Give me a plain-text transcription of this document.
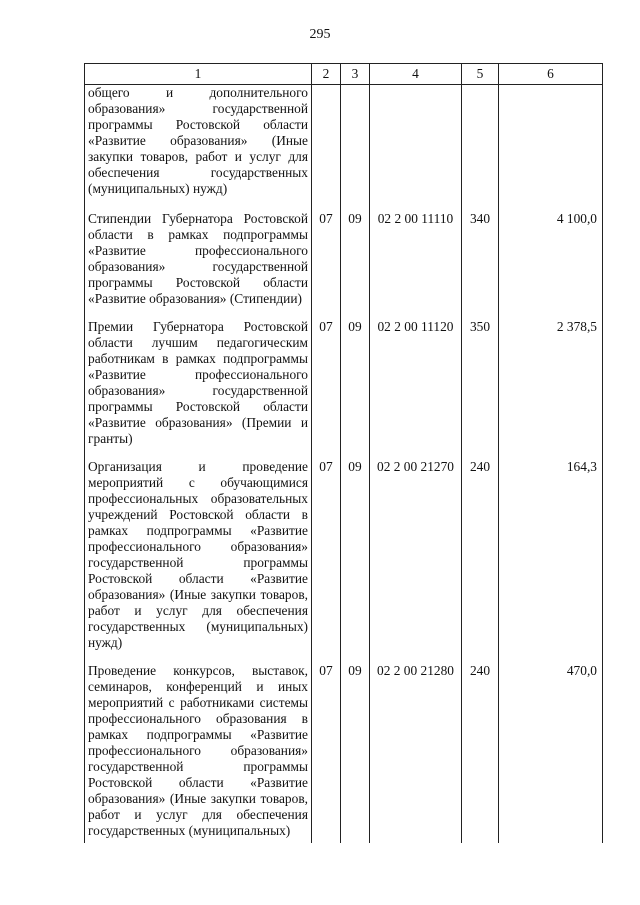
295
1	2	3	4	5	6
общего и дополнительного образования» государственной программы Ростовской области «Развитие образования» (Иные закупки товаров, работ и услуг для обеспечения государственных (муниципальных) нужд)					
Стипендии Губернатора Ростовской области в рамках подпрограммы «Развитие профессионального образования» государственной программы Ростовской области «Развитие образования» (Стипендии)	07	09	02 2 00 11110	340	4 100,0
Премии Губернатора Ростовской области лучшим педагогическим работникам в рамках подпрограммы «Развитие профессионального образования» государственной программы Ростовской области «Развитие образования» (Премии и гранты)	07	09	02 2 00 11120	350	2 378,5
Организация и проведение мероприятий с обучающимися профессиональных образовательных учреждений Ростовской области в рамках подпрограммы «Развитие профессионального образования» государственной программы Ростовской области «Развитие образования» (Иные закупки товаров, работ и услуг для обеспечения государственных (муниципальных) нужд)	07	09	02 2 00 21270	240	164,3
Проведение конкурсов, выставок, семинаров, конференций и иных мероприятий с работниками системы профессионального образования в рамках подпрограммы «Развитие профессионального образования» государственной программы Ростовской области «Развитие образования» (Иные закупки товаров, работ и услуг для обеспечения государственных (муниципальных)	07	09	02 2 00 21280	240	470,0
